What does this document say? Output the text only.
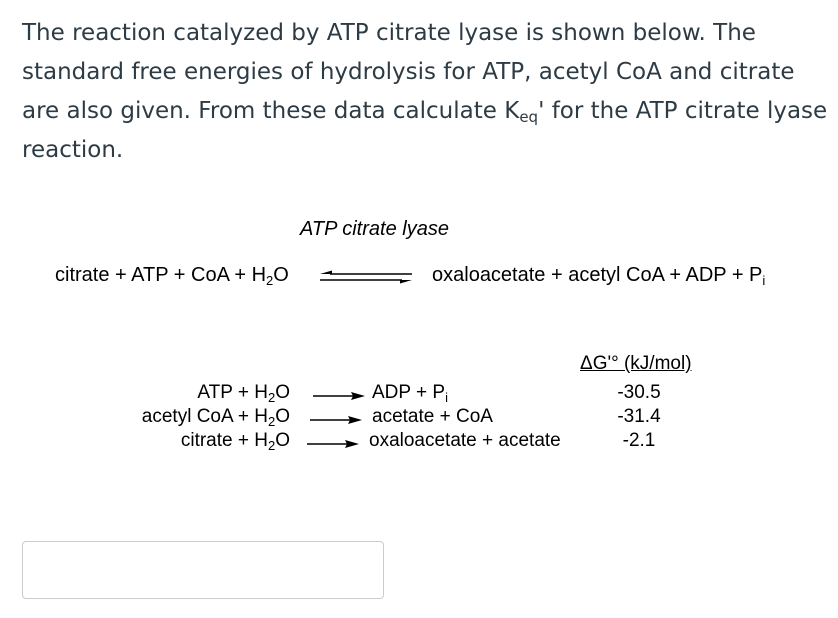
The reaction catalyzed by ATP citrate lyase is shown below. The standard free energies of hydrolysis for ATP, acetyl CoA and citrate are also given. From these data calculate $K_{eq}'$ for the ATP citrate lyase reaction.

ATP citrate lyase
citrate + ATP + CoA + $H_2O$	oxaloacetate + acetyl CoA + ADP + $P_i$
ΔG'° (kJ/mol)
ATP + $H_2O$	ADP + $P_i$	-30.5
acetyl CoA + $H_2O$	acetate + CoA	-31.4
citrate + $H_2O$	oxaloacetate + acetate	-2.1
